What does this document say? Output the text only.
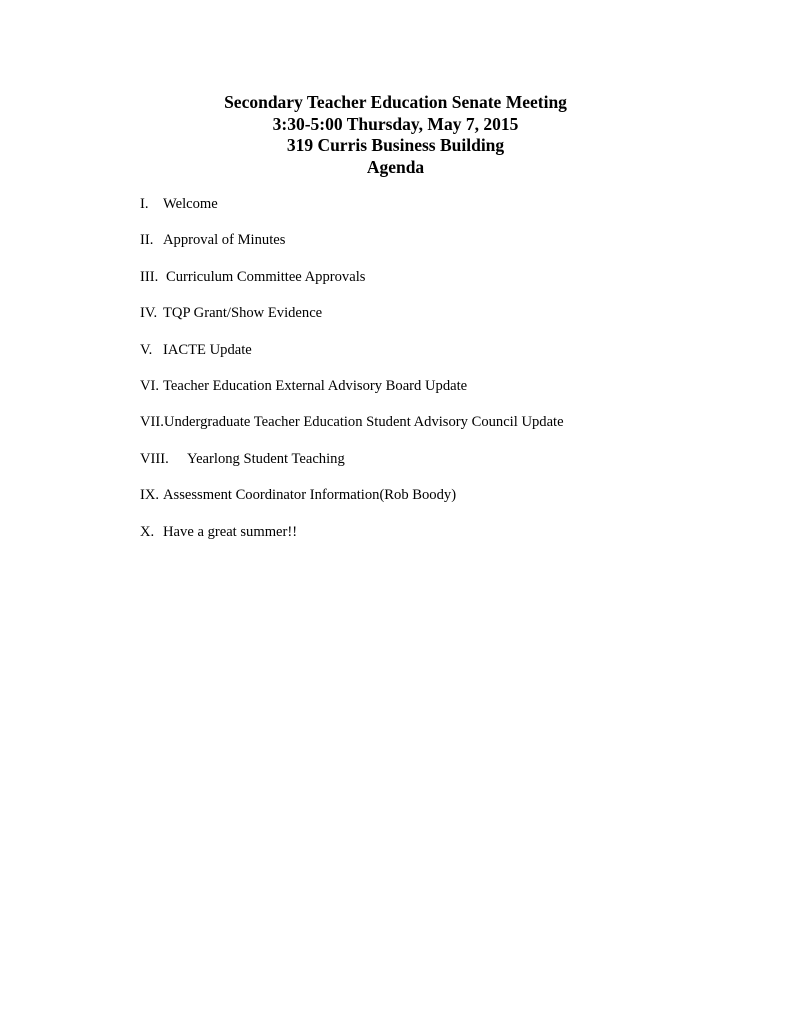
Secondary Teacher Education Senate Meeting
3:30-5:00 Thursday, May 7, 2015
319 Curris Business Building
Agenda
I. Welcome
II. Approval of Minutes
III. Curriculum Committee Approvals
IV. TQP Grant/Show Evidence
V. IACTE Update
VI. Teacher Education External Advisory Board Update
VII.Undergraduate Teacher Education Student Advisory Council Update
VIII. Yearlong Student Teaching
IX. Assessment Coordinator Information(Rob Boody)
X. Have a great summer!!
